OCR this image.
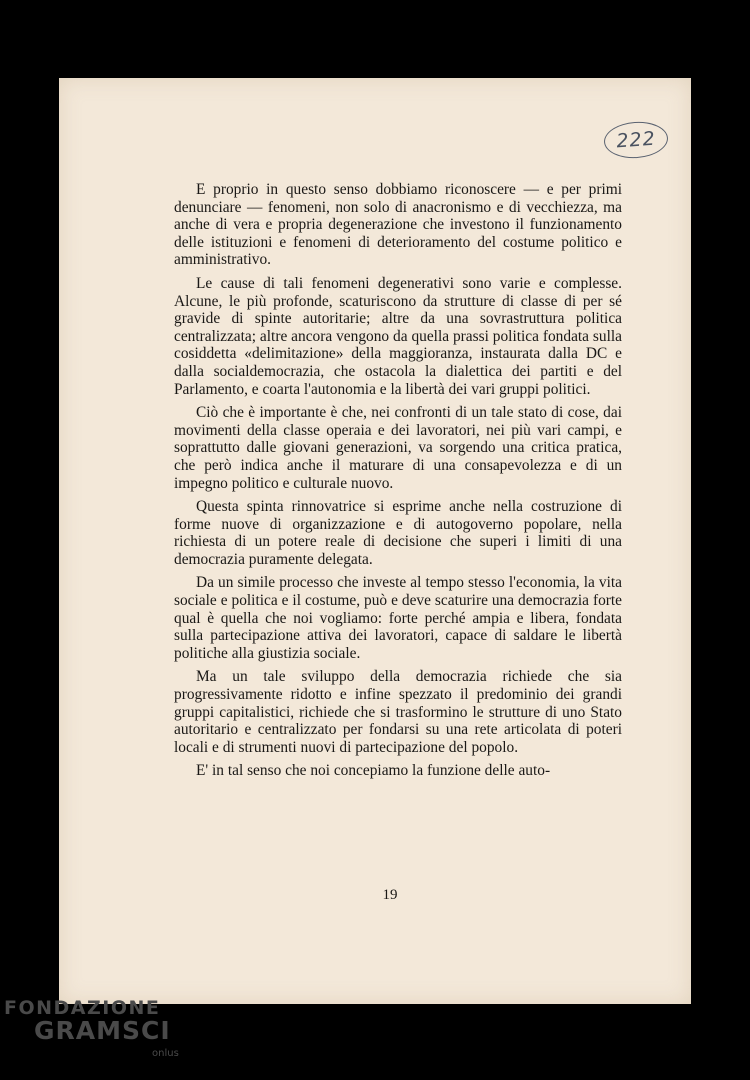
222

E proprio in questo senso dobbiamo riconoscere — e per primi denunciare — fenomeni, non solo di anacronismo e di vecchiezza, ma anche di vera e propria degenerazione che investono il funzionamento delle istituzioni e fenomeni di deterioramento del costume politico e amministrativo.

Le cause di tali fenomeni degenerativi sono varie e complesse. Alcune, le più profonde, scaturiscono da strutture di classe di per sé gravide di spinte autoritarie; altre da una sovrastruttura politica centralizzata; altre ancora vengono da quella prassi politica fondata sulla cosiddetta «delimitazione» della maggioranza, instaurata dalla DC e dalla socialdemocrazia, che ostacola la dialettica dei partiti e del Parlamento, e coarta l'autonomia e la libertà dei vari gruppi politici.

Ciò che è importante è che, nei confronti di un tale stato di cose, dai movimenti della classe operaia e dei lavoratori, nei più vari campi, e soprattutto dalle giovani generazioni, va sorgendo una critica pratica, che però indica anche il maturare di una consapevolezza e di un impegno politico e culturale nuovo.

Questa spinta rinnovatrice si esprime anche nella costruzione di forme nuove di organizzazione e di autogoverno popolare, nella richiesta di un potere reale di decisione che superi i limiti di una democrazia puramente delegata.

Da un simile processo che investe al tempo stesso l'economia, la vita sociale e politica e il costume, può e deve scaturire una democrazia forte qual è quella che noi vogliamo: forte perché ampia e libera, fondata sulla partecipazione attiva dei lavoratori, capace di saldare le libertà politiche alla giustizia sociale.

Ma un tale sviluppo della democrazia richiede che sia progressivamente ridotto e infine spezzato il predominio dei grandi gruppi capitalistici, richiede che si trasformino le strutture di uno Stato autoritario e centralizzato per fondarsi su una rete articolata di poteri locali e di strumenti nuovi di partecipazione del popolo.

E' in tal senso che noi concepiamo la funzione delle auto-

19
FONDAZIONE
GRAMSCI
onlus
